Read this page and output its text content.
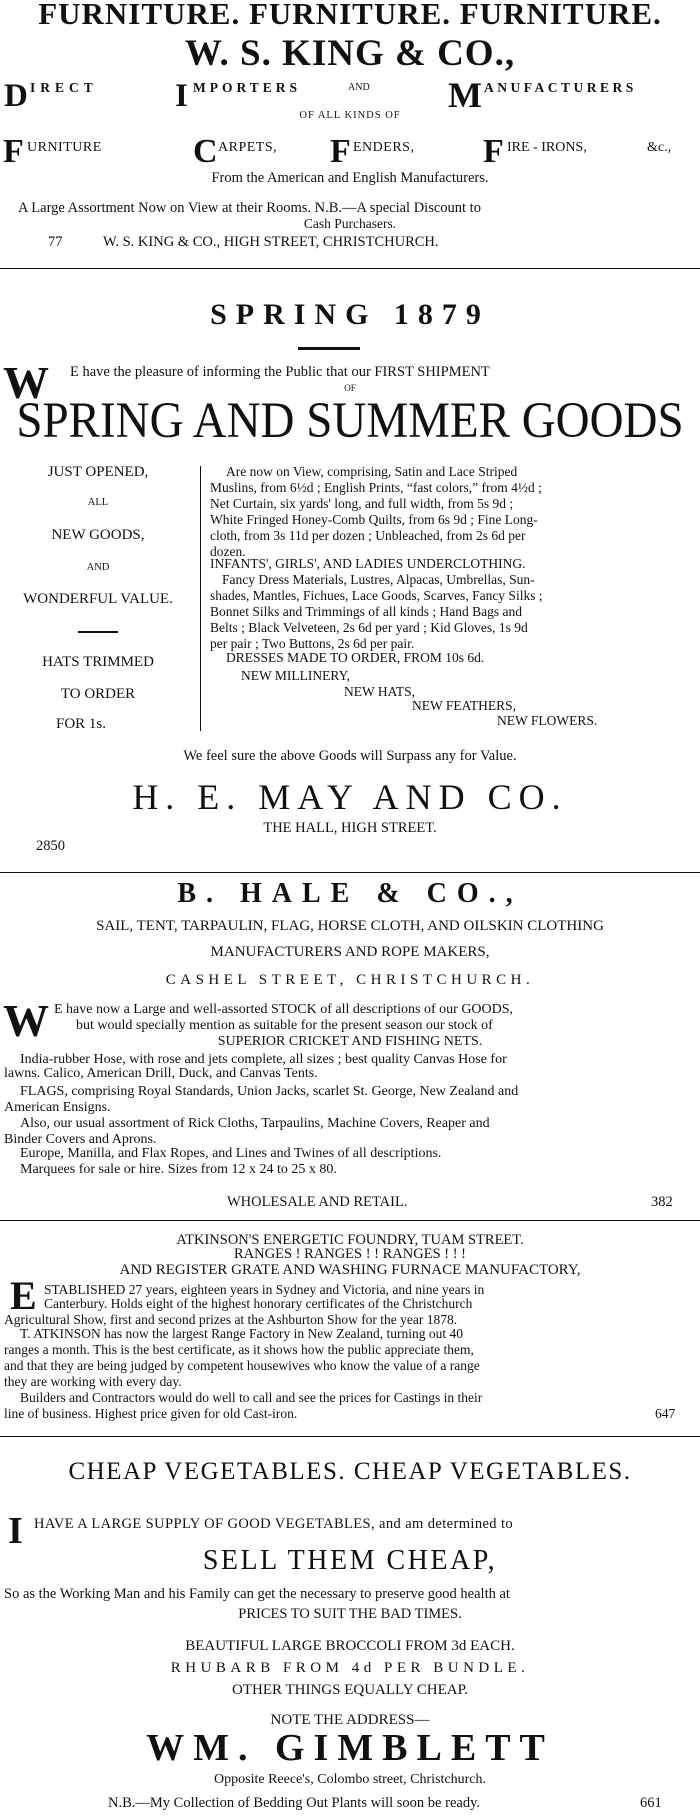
FURNITURE. FURNITURE. FURNITURE.
W. S. KING & CO.,
D IRECT I MPORTERS	AND M ANUFACTURERS
OF ALL KINDS OF
F URNITURE	C ARPETS, F ENDERS, F IRE - IRONS,	&c.,
From the American and English Manufacturers.
A Large Assortment Now on View at their Rooms. N.B.—A special Discount to
Cash Purchasers.
77	W. S. KING & CO., HIGH STREET, CHRISTCHURCH.
SPRING 1879
W E have the pleasure of informing the Public that our FIRST SHIPMENT
OF
SPRING AND SUMMER GOODS
JUST OPENED,
ALL
NEW GOODS,
AND
WONDERFUL VALUE.
HATS TRIMMED
TO ORDER
FOR 1s.
Are now on View, comprising, Satin and Lace Striped
Muslins, from 6½d ; English Prints, “fast colors,” from 4½d ;
Net Curtain, six yards' long, and full width, from 5s 9d ;
White Fringed Honey-Comb Quilts, from 6s 9d ; Fine Long-
cloth, from 3s 11d per dozen ; Unbleached, from 2s 6d per
dozen.
INFANTS', GIRLS', AND LADIES UNDERCLOTHING.
Fancy Dress Materials, Lustres, Alpacas, Umbrellas, Sun-
shades, Mantles, Fichues, Lace Goods, Scarves, Fancy Silks ;
Bonnet Silks and Trimmings of all kinds ; Hand Bags and
Belts ; Black Velveteen, 2s 6d per yard ; Kid Gloves, 1s 9d
per pair ; Two Buttons, 2s 6d per pair.
DRESSES MADE TO ORDER, FROM 10s 6d.
NEW MILLINERY,
NEW HATS,
NEW FEATHERS,
NEW FLOWERS.
We feel sure the above Goods will Surpass any for Value.
H. E. MAY AND CO.
THE HALL, HIGH STREET.
2850
B. HALE & CO.,
SAIL, TENT, TARPAULIN, FLAG, HORSE CLOTH, AND OILSKIN CLOTHING
MANUFACTURERS AND ROPE MAKERS,
CASHEL STREET, CHRISTCHURCH.
W E have now a Large and well-assorted STOCK of all descriptions of our GOODS,
but would specially mention as suitable for the present season our stock of
SUPERIOR CRICKET AND FISHING NETS.
India-rubber Hose, with rose and jets complete, all sizes ; best quality Canvas Hose for
lawns. Calico, American Drill, Duck, and Canvas Tents.
FLAGS, comprising Royal Standards, Union Jacks, scarlet St. George, New Zealand and
American Ensigns.
Also, our usual assortment of Rick Cloths, Tarpaulins, Machine Covers, Reaper and
Binder Covers and Aprons.
Europe, Manilla, and Flax Ropes, and Lines and Twines of all descriptions.
Marquees for sale or hire. Sizes from 12 x 24 to 25 x 80.
WHOLESALE AND RETAIL.	382
ATKINSON'S ENERGETIC FOUNDRY, TUAM STREET.
RANGES ! RANGES ! ! RANGES ! ! !
AND REGISTER GRATE AND WASHING FURNACE MANUFACTORY,
E STABLISHED 27 years, eighteen years in Sydney and Victoria, and nine years in
Canterbury. Holds eight of the highest honorary certificates of the Christchurch
Agricultural Show, first and second prizes at the Ashburton Show for the year 1878.
T. ATKINSON has now the largest Range Factory in New Zealand, turning out 40
ranges a month. This is the best certificate, as it shows how the public appreciate them,
and that they are being judged by competent housewives who know the value of a range
they are working with every day.
Builders and Contractors would do well to call and see the prices for Castings in their
line of business. Highest price given for old Cast-iron.	647
CHEAP VEGETABLES. CHEAP VEGETABLES.
I HAVE A LARGE SUPPLY OF GOOD VEGETABLES, and am determined to
SELL THEM CHEAP,
So as the Working Man and his Family can get the necessary to preserve good health at
PRICES TO SUIT THE BAD TIMES.
BEAUTIFUL LARGE BROCCOLI FROM 3d EACH.
RHUBARB FROM 4d PER BUNDLE.
OTHER THINGS EQUALLY CHEAP.
NOTE THE ADDRESS—
WM. GIMBLETT
Opposite Reece's, Colombo street, Christchurch.
N.B.—My Collection of Bedding Out Plants will soon be ready.	661
